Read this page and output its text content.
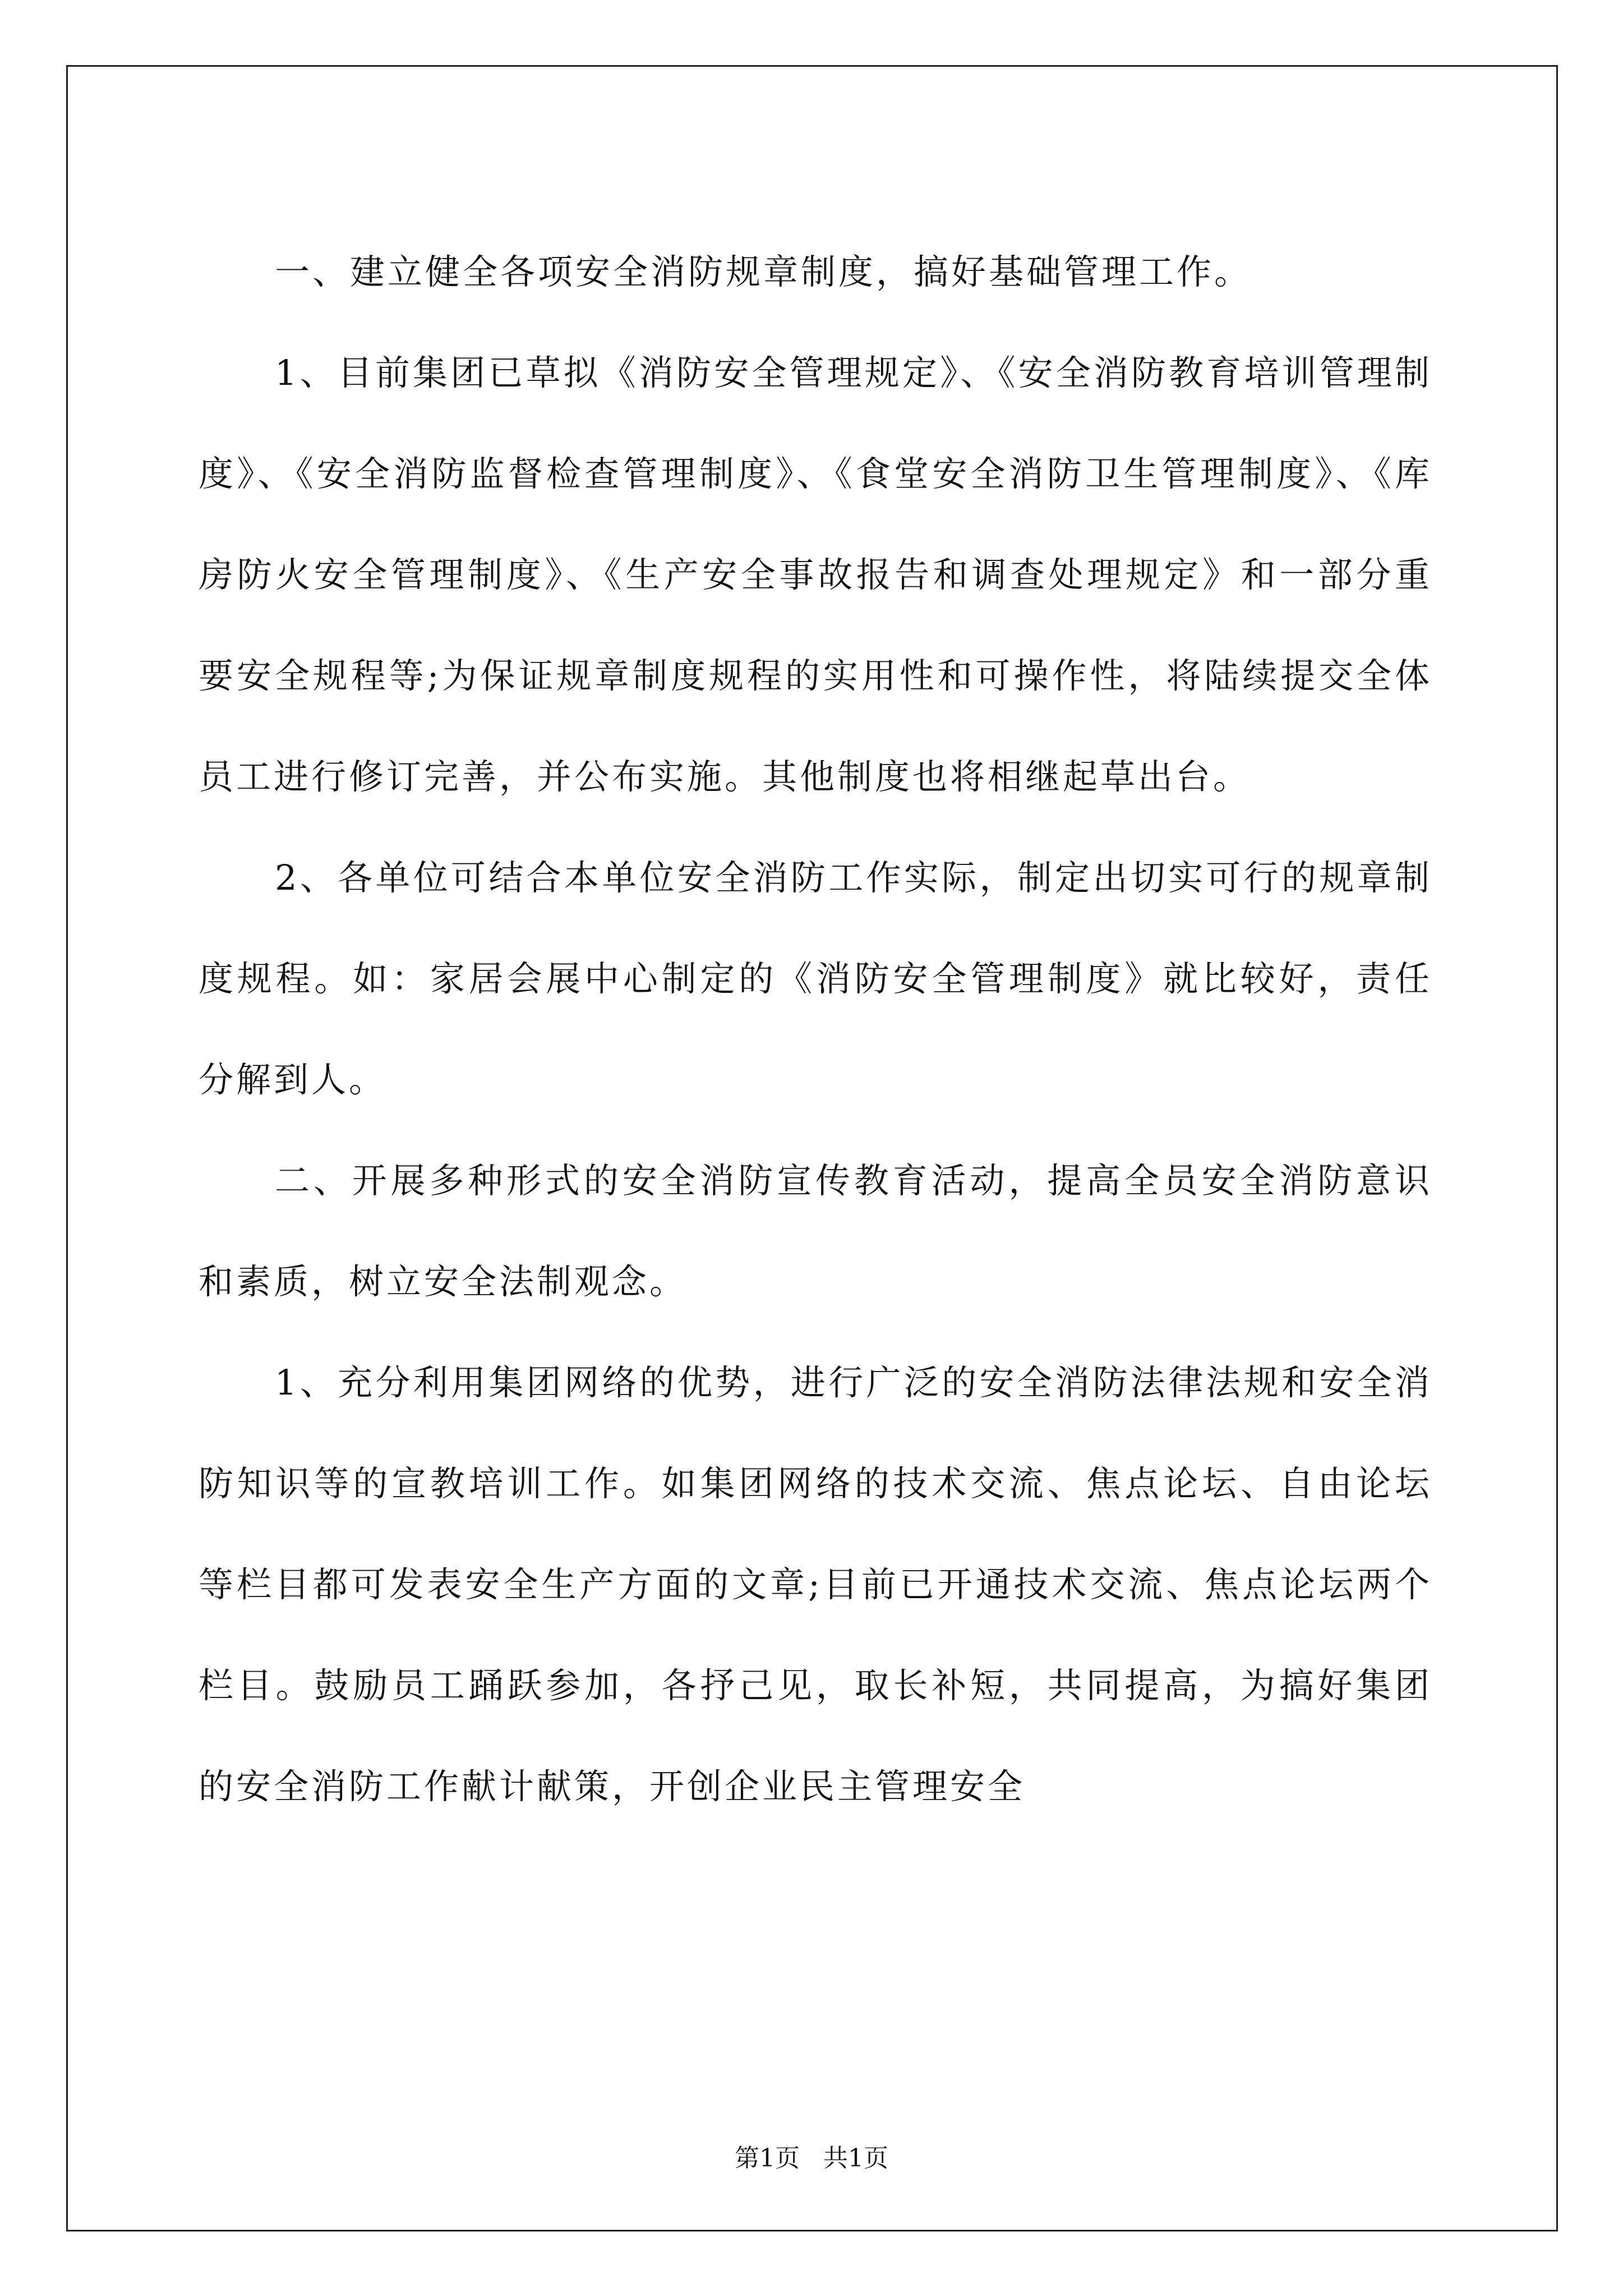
一、建立健全各项安全消防规章制度，搞好基础管理工作。

1、目前集团已草拟《消防安全管理规定》、《安全消防教育培训管理制度》、《安全消防监督检查管理制度》、《食堂安全消防卫生管理制度》、《库房防火安全管理制度》、《生产安全事故报告和调查处理规定》和一部分重要安全规程等;为保证规章制度规程的实用性和可操作性，将陆续提交全体员工进行修订完善，并公布实施。其他制度也将相继起草出台。

2、各单位可结合本单位安全消防工作实际，制定出切实可行的规章制度规程。如：家居会展中心制定的《消防安全管理制度》就比较好，责任分解到人。

二、开展多种形式的安全消防宣传教育活动，提高全员安全消防意识和素质，树立安全法制观念。

1、充分利用集团网络的优势，进行广泛的安全消防法律法规和安全消防知识等的宣教培训工作。如集团网络的技术交流、焦点论坛、自由论坛等栏目都可发表安全生产方面的文章;目前已开通技术交流、焦点论坛两个栏目。鼓励员工踊跃参加，各抒己见，取长补短，共同提高，为搞好集团的安全消防工作献计献策，开创企业民主管理安全

第1页   共1页
